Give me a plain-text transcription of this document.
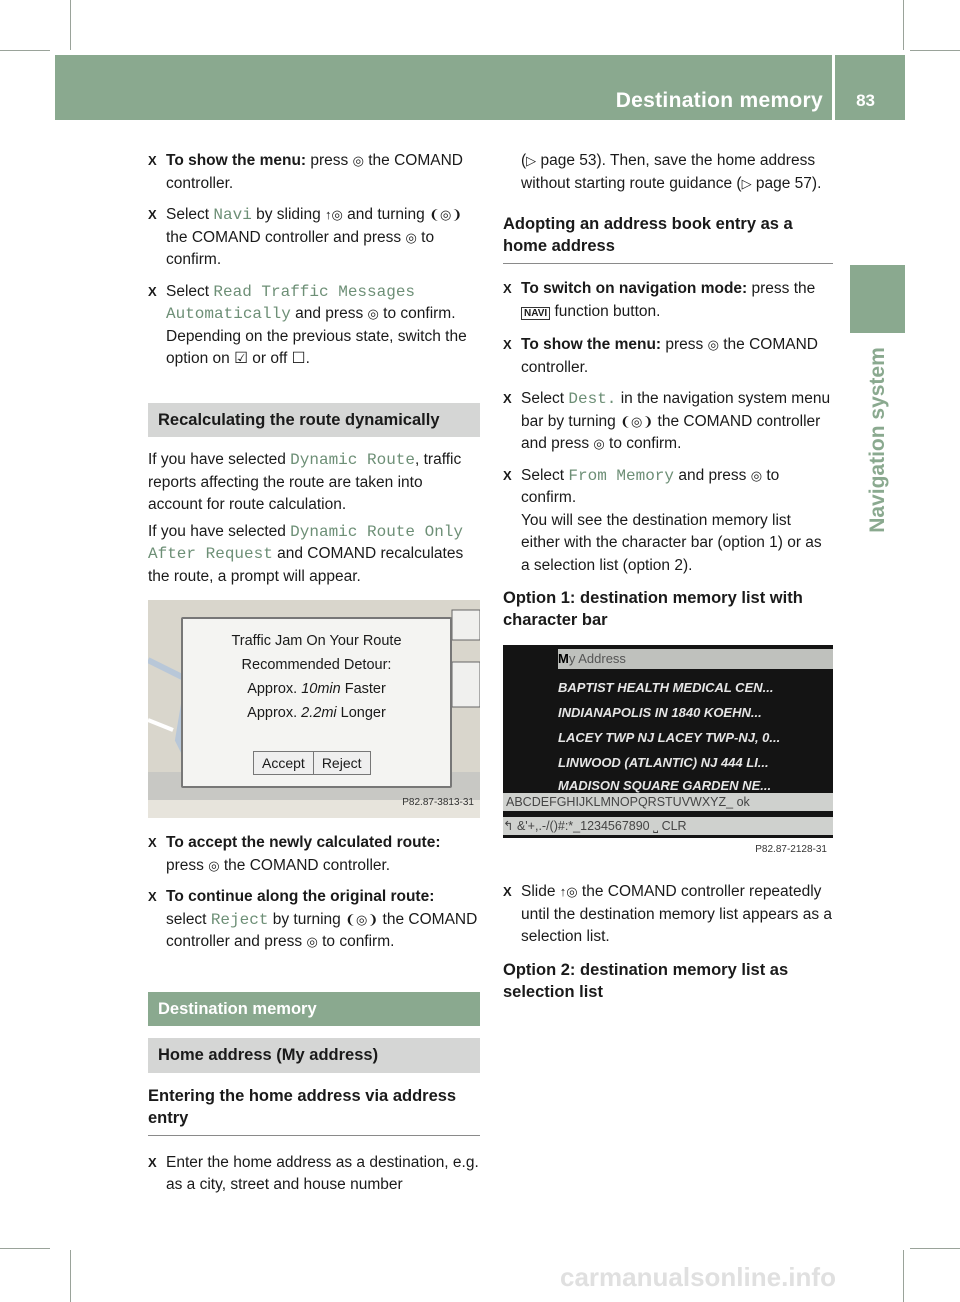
Destination memory 83
Navigation system
X To show the menu: press ◎ the COMAND controller.
X Select Navi by sliding ↑◎ and turning ❨◎❩ the COMAND controller and press ◎ to confirm.
X Select Read Traffic Messages Automatically and press ◎ to confirm.
Depending on the previous state, switch the option on ☑ or off ☐.
Recalculating the route dynamically

If you have selected Dynamic Route, traffic reports affecting the route are taken into account for route calculation.

If you have selected Dynamic Route Only After Request and COMAND recalculates the route, a prompt will appear.

Traffic Jam On Your Route
Recommended Detour:
Approx. 10min Faster
Approx. 2.2mi Longer
Accept	Reject
P82.87-3813-31
X To accept the newly calculated route:
press ◎ the COMAND controller.
X To continue along the original route:
select Reject by turning ❨◎❩ the COMAND controller and press ◎ to confirm.
Destination memory
Home address (My address)
Entering the home address via address entry
X Enter the home address as a destination, e.g. as a city, street and house number

(▷ page 53). Then, save the home address without starting route guidance (▷ page 57).

Adopting an address book entry as a home address
X To switch on navigation mode: press the NAVI function button.
X To show the menu: press ◎ the COMAND controller.
X Select Dest. in the navigation system menu bar by turning ❨◎❩ the COMAND controller and press ◎ to confirm.
X Select From Memory and press ◎ to confirm.
You will see the destination memory list either with the character bar (option 1) or as a selection list (option 2).
Option 1: destination memory list with character bar
My Address
BAPTIST HEALTH MEDICAL CEN...
INDIANAPOLIS IN 1840 KOEHN...
LACEY TWP NJ LACEY TWP-NJ, 0...
LINWOOD (ATLANTIC) NJ 444 LI...
MADISON SQUARE GARDEN NE...
ABCDEFGHIJKLMNOPQRSTUVWXYZ_ ok
↰ &'+,.-/()#:*_1234567890 ⎵ CLR
P82.87-2128-31
X Slide ↑◎ the COMAND controller repeatedly until the destination memory list appears as a selection list.
Option 2: destination memory list as selection list
carmanualsonline.info
